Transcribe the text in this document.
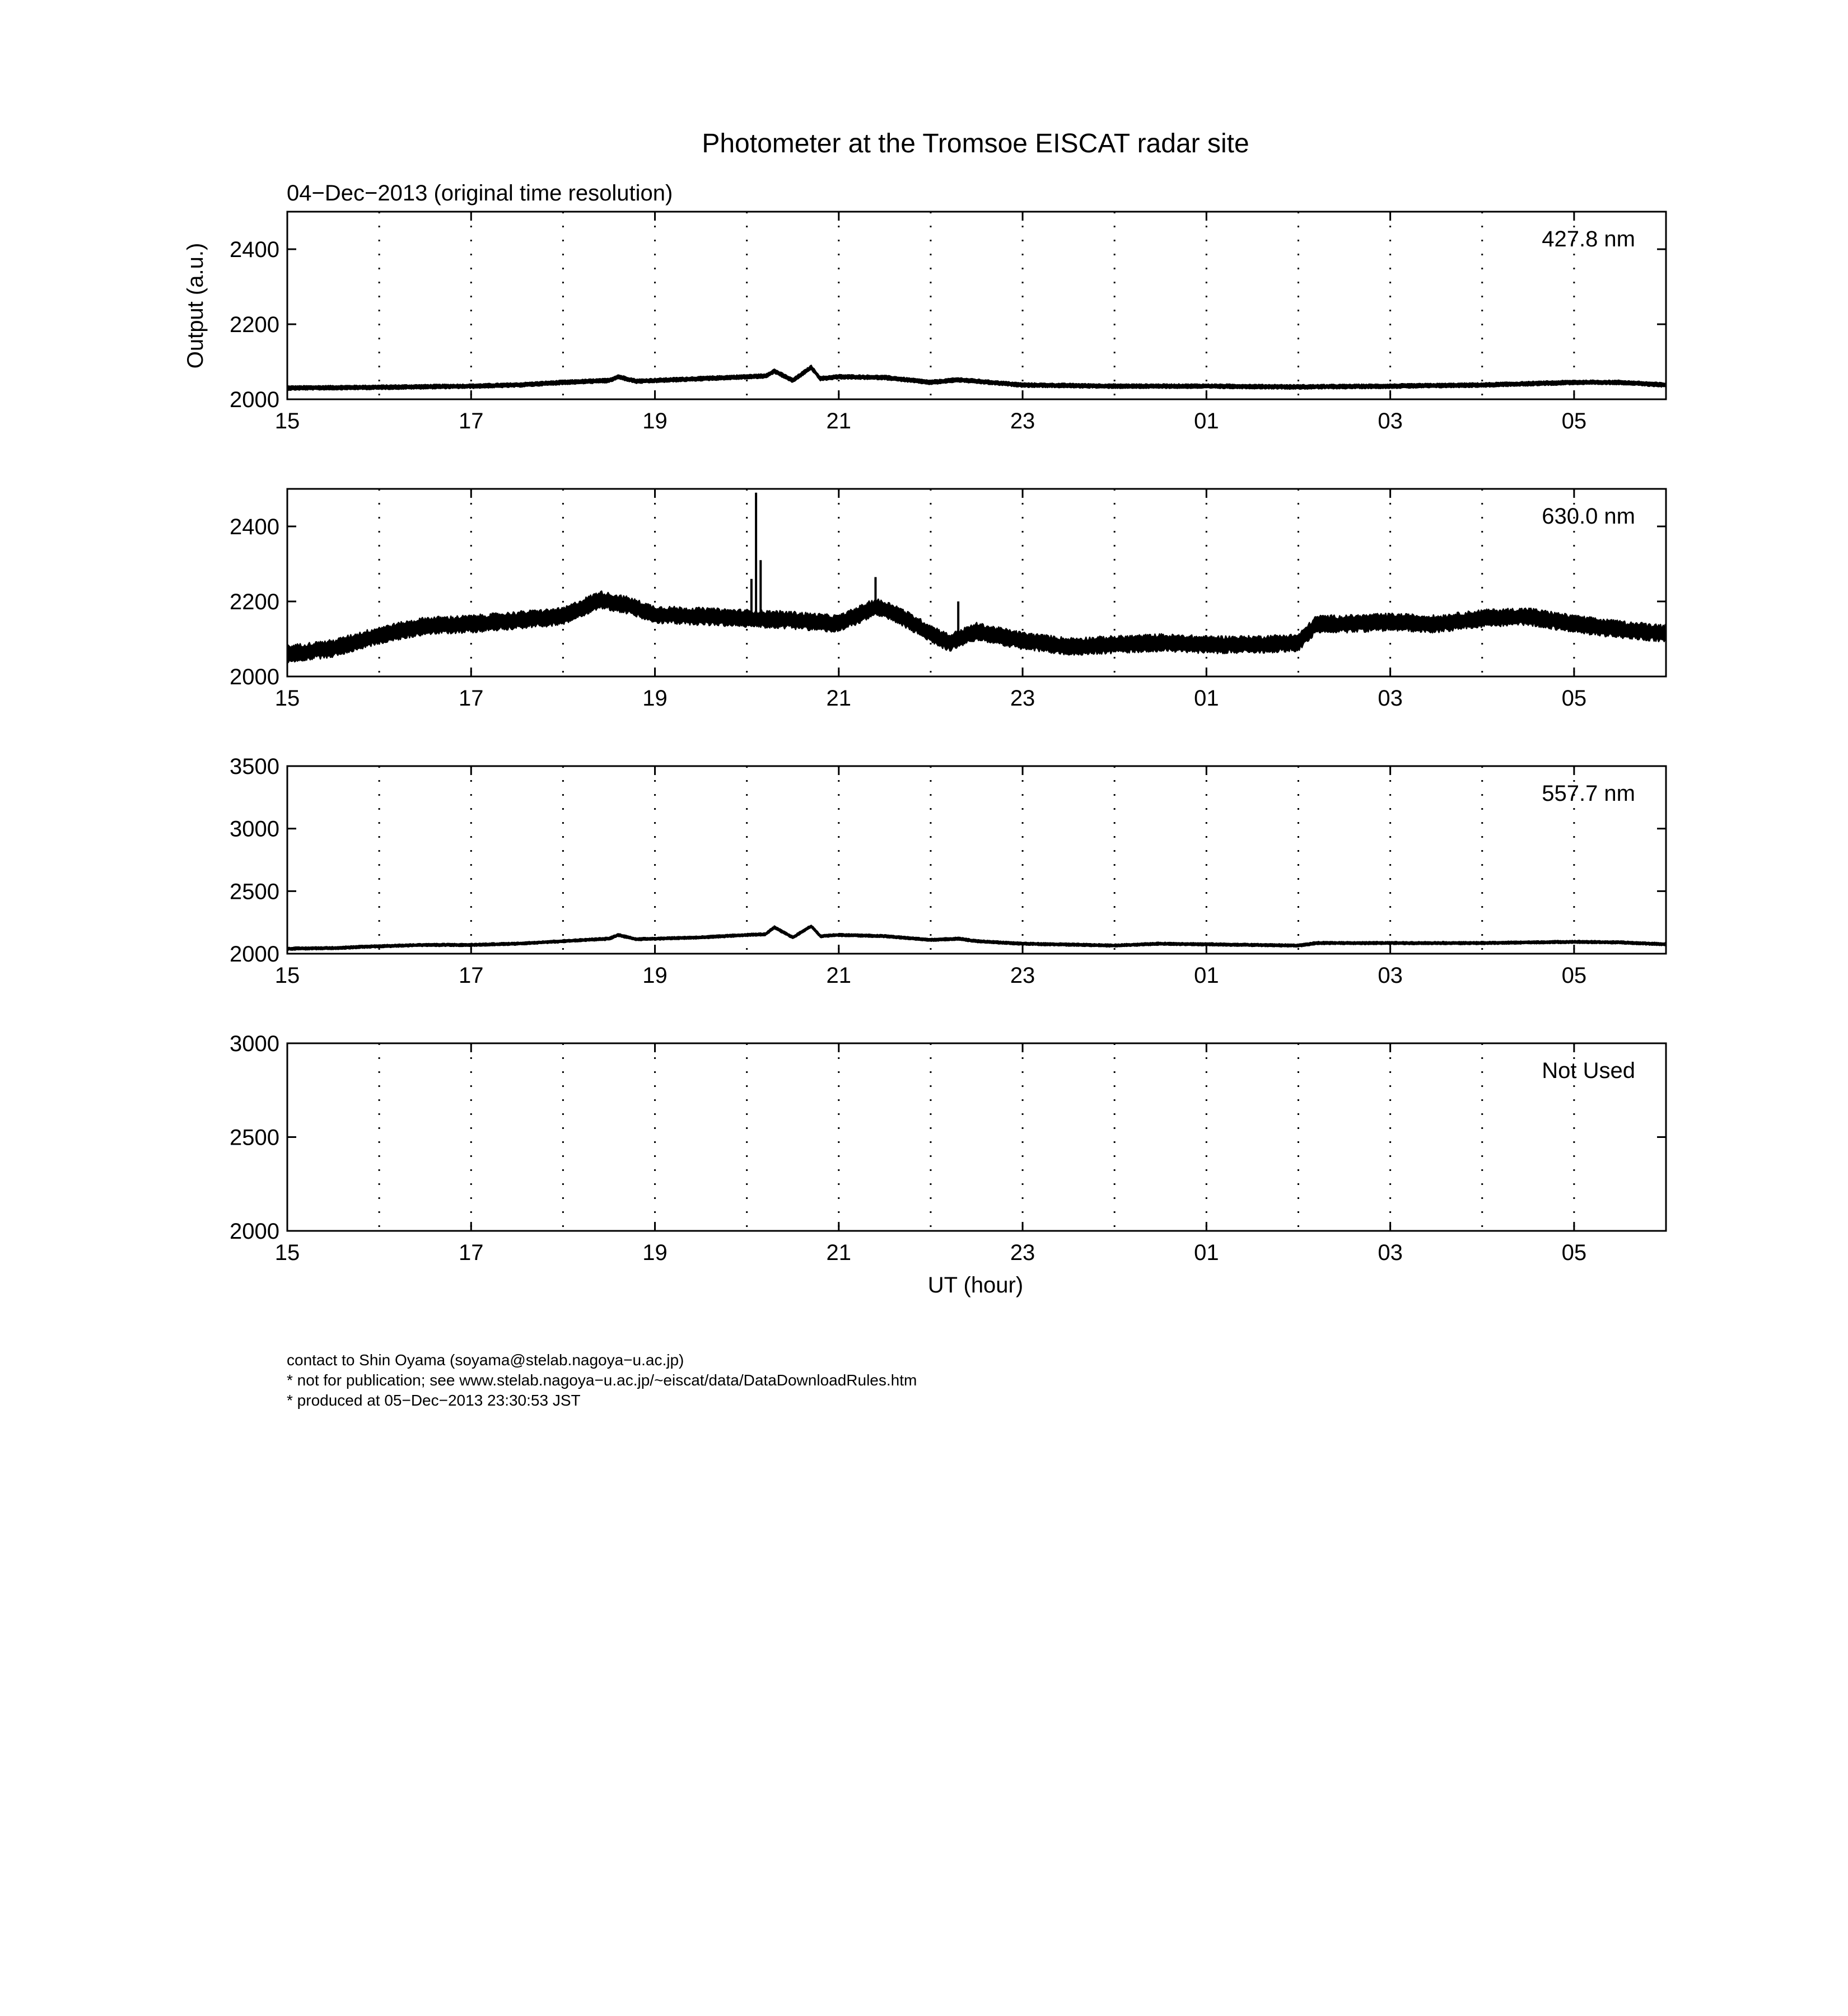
Photometer at the Tromsoe EISCAT radar site
04−Dec−2013 (original time resolution)
Output (a.u.)
UT (hour)
15	17	19	21	23	01	03	05
2000
2200
2400	427.8 nm
15	17	19	21	23	01	03	05
2000
2200
2400	630.0 nm
15	17	19	21	23	01	03	05
2000
2500
3000
3500
557.7 nm
15	17	19	21	23	01	03	05
2000
2500
3000
Not Used
contact to Shin Oyama (soyama@stelab.nagoya−u.ac.jp)
* not for publication; see www.stelab.nagoya−u.ac.jp/~eiscat/data/DataDownloadRules.htm
* produced at 05−Dec−2013 23:30:53 JST
